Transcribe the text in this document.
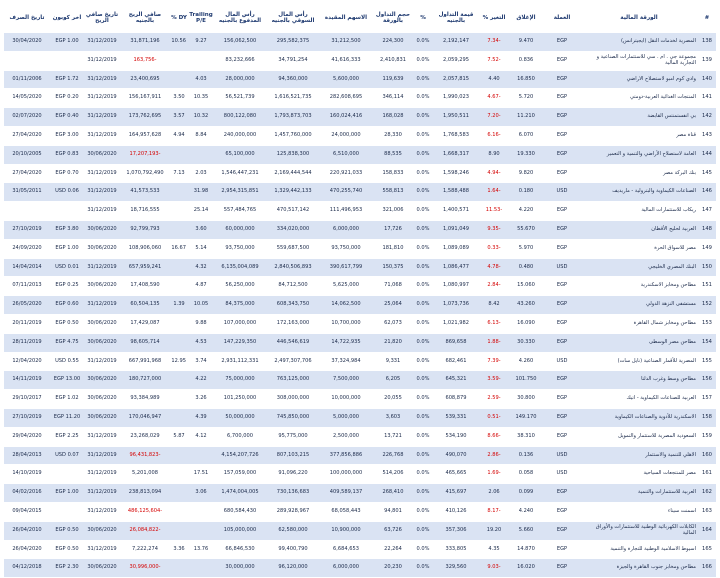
#	الورقة المالية	العملة	الإغلاق	التغير %	قيمة التداول بالجنيه	%	حجم التداول بالورقة	الاسهم المقيدة	رأس المال السوقي بالجنيه	رأس المال المدفوع بالجنيه	Trailing P/E	DY %	صافي الربح بالجنيه	تاريخ صافي الربح	اخر كوبون	تاريخ الصرف
138	المصرية لخدمات النقل (ايجيترانس)	EGP	9.470	-7.34	2,192,147	0.0%	224,300	31,212,500	295,582,375	156,062,500	9.27	10.56	31,871,196	31/12/2019	EGP 1.00	30/04/2020
139	مجموعة جي . ام . سي للاستثمارات الصناعية و التجارية المالية	EGP	0.836	-7.52	2,059,295	0.0%	2,410,831	41,616,333	34,791,254	83,232,666			-163,756	31/12/2019		
140	وادي كوم امبو لاستصلاح الاراضي	EGP	16.850	4.40	2,057,815	0.0%	119,639	5,600,000	94,360,000	28,000,000	4.03		23,400,695	31/12/2019	EGP 1.72	01/11/2006
141	المنتجات الغذائية العربية-دومتي	EGP	5.720	-4.67	1,990,023	0.0%	346,114	282,608,695	1,616,521,735	56,521,739	10.35	3.50	156,167,911	31/12/2019	EGP 0.20	14/05/2020
142	بي انفستمنتس القابضة	EGP	11.210	-7.20	1,950,511	0.0%	168,028	160,024,416	1,793,873,703	800,122,080	10.32	3.57	173,762,695	31/12/2019	EGP 0.40	02/07/2020
143	قناة مصر	EGP	6.070	-6.16	1,768,583	0.0%	28,330	24,000,000	1,457,760,000	240,000,000	8.84	4.94	164,957,628	31/12/2019	EGP 3.00	27/04/2020
144	العامة لاستصلاح الأراضي والتنمية و التعمير	EGP	19.330	8.90	1,668,317	0.0%	88,535	6,510,000	125,838,300	65,100,000			-17,207,193	30/06/2020	EGP 0.83	20/10/2005
145	بنك البركة مصر	EGP	9.820	-4.94	1,598,246	0.0%	158,833	220,921,033	2,169,444,544	1,546,447,231	2.03	7.13	1,070,792,490	31/12/2019	EGP 0.70	27/04/2020
146	الصناعات الكيماوية والبترولية - ماريديف	USD	0.180	-1.64	1,588,488	0.0%	558,813	470,255,740	1,329,442,133	2,954,315,851	31.98		41,573,533	31/12/2019	USD 0.06	31/05/2011
147	ريكاب للاستثمارات المالية	EGP	4.220	-11.53	1,400,571	0.0%	321,006	111,496,953	470,517,142	557,484,765	25.14		18,716,555	31/12/2019		
148	العربية لحليج الأقطان	EGP	55.670	-9.35	1,091,049	0.0%	17,726	6,000,000	334,020,000	60,000,000	3.60		92,799,793	30/06/2020	EGP 3.80	27/10/2019
149	مصر للاسواق الحرة	EGP	5.970	-0.33	1,089,089	0.0%	181,810	93,750,000	559,687,500	93,750,000	5.14	16.67	108,906,060	30/06/2020	EGP 1.00	24/09/2020
150	البنك المصري الخليجي	USD	0.480	-4.78	1,086,477	0.0%	150,375	390,617,799	2,840,506,893	6,135,004,089	4.32		657,959,241	31/12/2019	USD 0.01	14/04/2014
151	مطاحن ومخابز الاسكندرية	EGP	15.060	-2.84	1,080,997	0.0%	71,068	5,625,000	84,712,500	56,250,000	4.87		17,408,590	30/06/2020	EGP 0.25	07/11/2013
152	مستشفى النزهة الدولي	EGP	43.260	8.42	1,073,736	0.0%	25,064	14,062,500	608,343,750	84,375,000	10.05	1.39	60,504,135	31/12/2019	EGP 0.60	26/05/2020
153	مطاحن ومخابز شمال القاهرة	EGP	16.090	-6.13	1,021,982	0.0%	62,073	10,700,000	172,163,000	107,000,000	9.88		17,429,087	30/06/2020	EGP 0.50	20/11/2019
154	مطاحن مصر الوسطى	EGP	30.330	-1.88	869,658	0.0%	21,820	14,722,935	446,546,619	147,229,350	4.53		98,605,714	30/06/2020	EGP 4.75	28/11/2019
155	المصرية للأقمار الصناعية (نايل سات)	USD	4.260	-7.39	682,461	0.0%	9,331	37,324,984	2,497,307,706	2,931,112,331	3.74	12.95	667,991,968	31/12/2019	USD 0.55	12/04/2020
156	مطاحن وسط وغرب الدلتا	EGP	101.750	-3.59	645,321	0.0%	6,205	7,500,000	763,125,000	75,000,000	4.22		180,727,000	30/06/2020	EGP 13.00	14/11/2019
157	العربية للصناعات الكيماوية - اتيك	EGP	30.800	-2.59	608,879	0.0%	20,055	10,000,000	308,000,000	101,250,000	3.26		93,384,989	30/06/2020	EGP 1.02	29/10/2017
158	الاسكندرية للأدوية والصناعات الكيماوية	EGP	149.170	-0.51	539,331	0.0%	3,603	5,000,000	745,850,000	50,000,000	4.39		170,046,947	30/06/2020	EGP 11.20	27/10/2019
159	السعودية المصرية للاستثمار والتمويل	EGP	38.310	-8.66	534,190	0.0%	13,721	2,500,000	95,775,000	6,700,000	4.12	5.87	23,268,029	31/12/2019	EGP 2.25	29/04/2020
160	الاهلي للتنمية والاستثمار	USD	0.136	-2.86	490,070	0.0%	226,768	377,856,886	807,103,215	4,154,207,726			-96,431,823	31/12/2019	USD 0.07	28/04/2013
161	مصر للمنتجعات السياحية	USD	0.058	-1.69	465,665	0.0%	514,206	100,000,000	91,096,220	157,059,000	17.51		5,201,008	31/12/2019		14/10/2019
162	العربية للاستثمارات والتنمية	EGP	0.099	2.06	415,697	0.0%	268,410	409,589,137	730,136,683	1,474,004,005	3.06		238,813,094	31/12/2019	EGP 1.00	04/02/2016
163	اسمنت سيناء	EGP	4.240	-8.17	410,126	0.0%	94,801	68,058,443	289,928,967	680,584,430			-486,125,604	31/12/2019		09/04/2015
164	الكابلات الكهربائية الوطنية للاستثمارات والأوراق المالية	EGP	5.660	19.20	357,306	0.0%	63,726	10,900,000	62,580,000	105,000,000			-26,084,822	30/06/2020	EGP 0.50	26/04/2010
165	اسيوط الاسلامية الوطنية للتجارة والتنمية	EGP	14.870	4.35	333,805	0.0%	22,264	6,684,653	99,400,790	66,846,530	13.76	3.36	7,222,274	31/12/2019	EGP 0.50	26/04/2020
166	مطاحن ومخابز جنوب القاهرة والجيزة	EGP	16.020	-9.03	329,560	0.0%	20,230	6,000,000	96,120,000	30,000,000			-30,996,000	30/06/2020	EGP 2.30	04/12/2018
